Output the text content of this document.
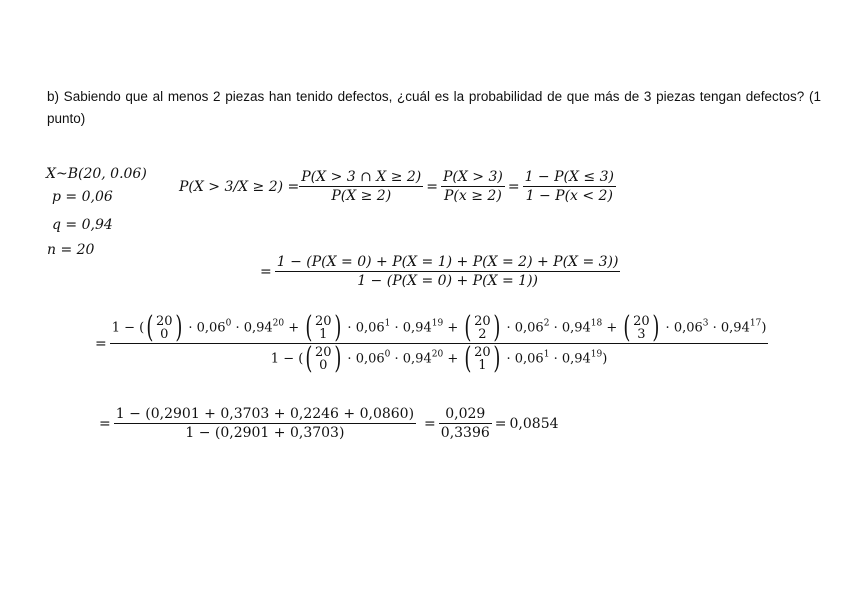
b) Sabiendo que al menos 2 piezas han tenido defectos, ¿cuál es la probabilidad de que más de 3 piezas tengan defectos? (1 punto)
X~B(20, 0.06)
p = 0,06
q = 0,94
n = 20
$P(X > 3/X \ge 2) = \frac{P(X > 3 \cap X \ge 2)}{P(X \ge 2)} = \frac{P(X > 3)}{P(x \ge 2)} = \frac{1 - P(X \le 3)}{1 - P(x < 2)}$
= $\frac{1 - (P(X = 0) + P(X = 1) + P(X = 2) + P(X = 3))}{1 - (P(X = 0) + P(X = 1))}$
=
1 − ( ( 20
0 ) · $0,06^0 \cdot 0,94^{20}$ + ( 20
1 ) · $0,06^1 \cdot 0,94^{19}$ + ( 20
2 ) · $0,06^2 \cdot 0,94^{18}$ + ( 20
3 ) · $0,06^3 \cdot 0,94^{17}$)
1 − ( ( 20
0 ) · $0,06^0 \cdot 0,94^{20}$ + ( 20
1 ) · $0,06^1 \cdot 0,94^{19}$)
= $\frac{1 - (0,2901 + 0,3703 + 0,2246 + 0,0860)}{1 - (0,2901 + 0,3703)} = \frac{0,029}{0,3396} = 0,0854$
